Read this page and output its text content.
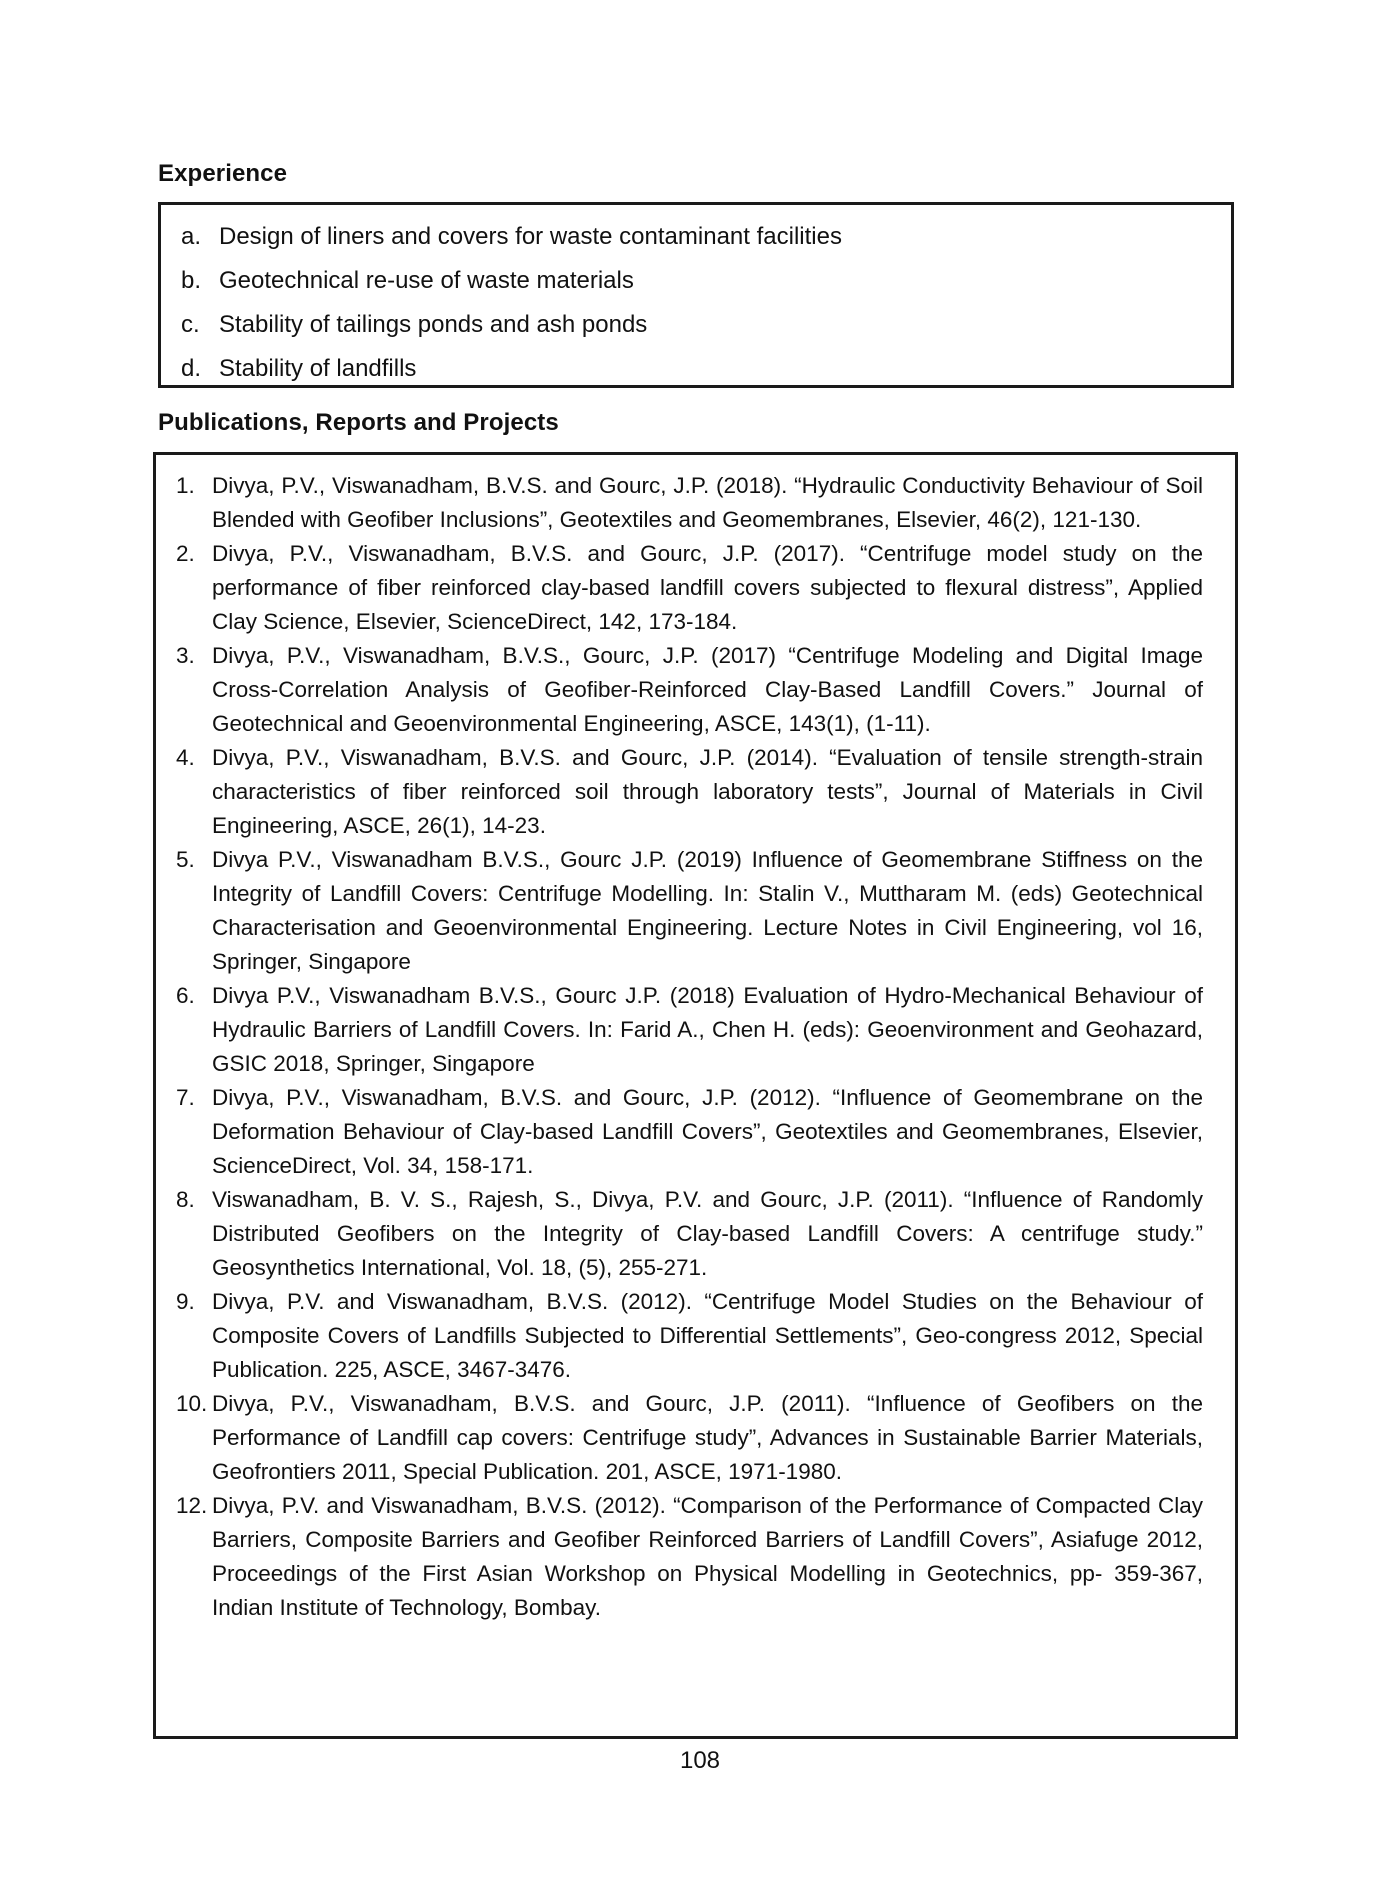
Experience
a. Design of liners and covers for waste contaminant facilities
b. Geotechnical re-use of waste materials
c. Stability of tailings ponds and ash ponds
d. Stability of landfills
Publications, Reports and Projects
1. Divya, P.V., Viswanadham, B.V.S. and Gourc, J.P. (2018). “Hydraulic Conductivity Behaviour of Soil Blended with Geofiber Inclusions”, Geotextiles and Geomembranes, Elsevier, 46(2), 121-130.
2. Divya, P.V., Viswanadham, B.V.S. and Gourc, J.P. (2017). “Centrifuge model study on the performance of fiber reinforced clay-based landfill covers subjected to flexural distress”, Applied Clay Science, Elsevier, ScienceDirect, 142, 173-184.
3. Divya, P.V., Viswanadham, B.V.S., Gourc, J.P. (2017) “Centrifuge Modeling and Digital Image Cross-Correlation Analysis of Geofiber-Reinforced Clay-Based Landfill Covers.” Journal of Geotechnical and Geoenvironmental Engineering, ASCE, 143(1), (1-11).
4. Divya, P.V., Viswanadham, B.V.S. and Gourc, J.P. (2014). “Evaluation of tensile strength-strain characteristics of fiber reinforced soil through laboratory tests”, Journal of Materials in Civil Engineering, ASCE, 26(1), 14-23.
5. Divya P.V., Viswanadham B.V.S., Gourc J.P. (2019) Influence of Geomembrane Stiffness on the Integrity of Landfill Covers: Centrifuge Modelling. In: Stalin V., Muttharam M. (eds) Geotechnical Characterisation and Geoenvironmental Engineering. Lecture Notes in Civil Engineering, vol 16, Springer, Singapore
6. Divya P.V., Viswanadham B.V.S., Gourc J.P. (2018) Evaluation of Hydro-Mechanical Behaviour of Hydraulic Barriers of Landfill Covers. In: Farid A., Chen H. (eds): Geoenvironment and Geohazard, GSIC 2018, Springer, Singapore
7. Divya, P.V., Viswanadham, B.V.S. and Gourc, J.P. (2012). “Influence of Geomembrane on the Deformation Behaviour of Clay-based Landfill Covers”, Geotextiles and Geomembranes, Elsevier, ScienceDirect, Vol. 34, 158-171.
8. Viswanadham, B. V. S., Rajesh, S., Divya, P.V. and Gourc, J.P. (2011). “Influence of Randomly Distributed Geofibers on the Integrity of Clay-based Landfill Covers: A centrifuge study.” Geosynthetics International, Vol. 18, (5), 255-271.
9. Divya, P.V. and Viswanadham, B.V.S. (2012). “Centrifuge Model Studies on the Behaviour of Composite Covers of Landfills Subjected to Differential Settlements”, Geo-congress 2012, Special Publication. 225, ASCE, 3467-3476.
10. Divya, P.V., Viswanadham, B.V.S. and Gourc, J.P. (2011). “Influence of Geofibers on the Performance of Landfill cap covers: Centrifuge study”, Advances in Sustainable Barrier Materials, Geofrontiers 2011, Special Publication. 201, ASCE, 1971-1980.
12. Divya, P.V. and Viswanadham, B.V.S. (2012). “Comparison of the Performance of Compacted Clay Barriers, Composite Barriers and Geofiber Reinforced Barriers of Landfill Covers”, Asiafuge 2012, Proceedings of the First Asian Workshop on Physical Modelling in Geotechnics, pp- 359-367, Indian Institute of Technology, Bombay.
108
